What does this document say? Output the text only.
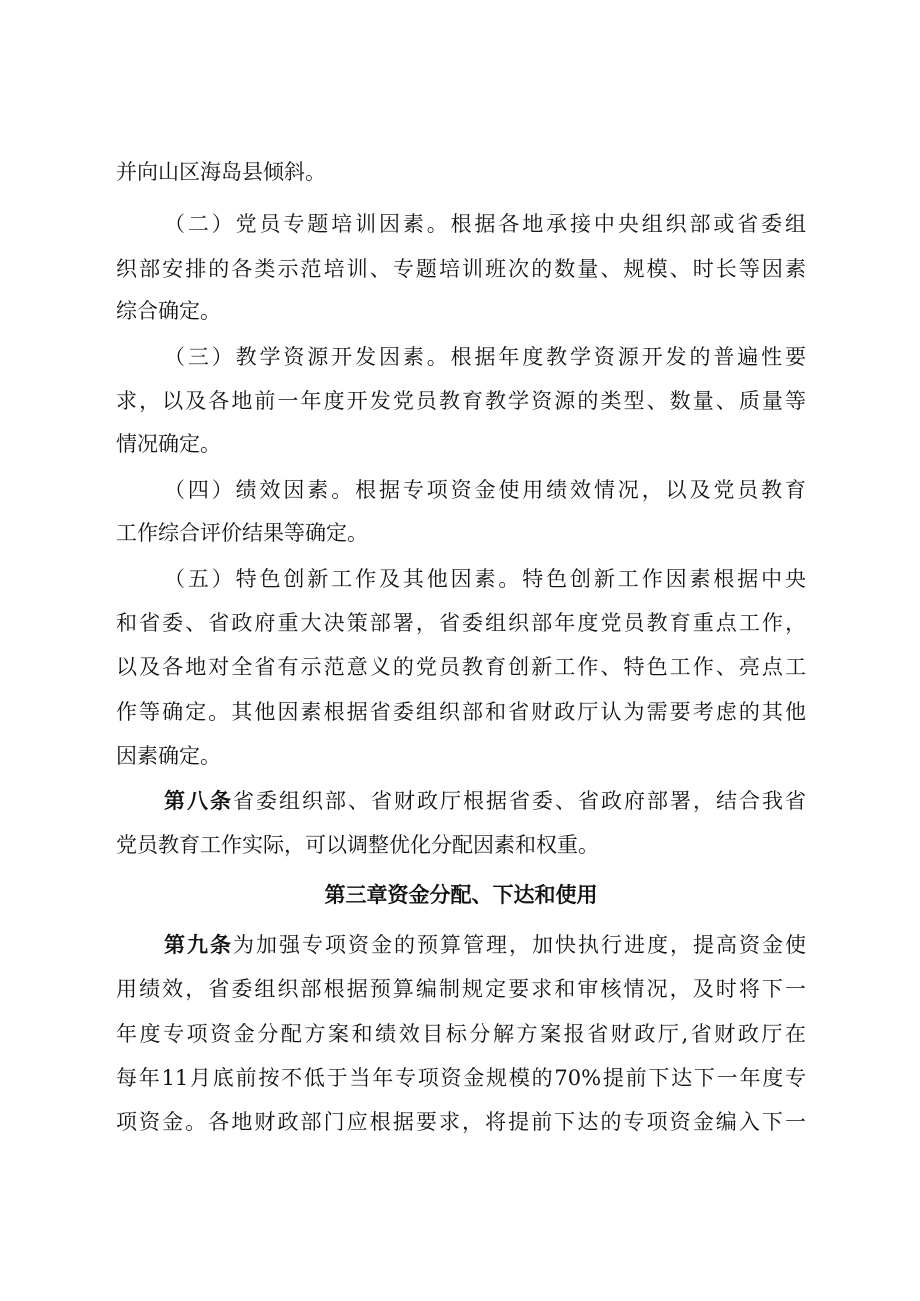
并向山区海岛县倾斜。
（二）党员专题培训因素。根据各地承接中央组织部或省委组
织部安排的各类示范培训、专题培训班次的数量、规模、时长等因素
综合确定。
（三）教学资源开发因素。根据年度教学资源开发的普遍性要
求，以及各地前一年度开发党员教育教学资源的类型、数量、质量等
情况确定。
（四）绩效因素。根据专项资金使用绩效情况，以及党员教育
工作综合评价结果等确定。
（五）特色创新工作及其他因素。特色创新工作因素根据中央
和省委、省政府重大决策部署，省委组织部年度党员教育重点工作，
以及各地对全省有示范意义的党员教育创新工作、特色工作、亮点工
作等确定。其他因素根据省委组织部和省财政厅认为需要考虑的其他
因素确定。
第八条省委组织部、省财政厅根据省委、省政府部署，结合我省
党员教育工作实际，可以调整优化分配因素和权重。
第三章资金分配、下达和使用
第九条为加强专项资金的预算管理，加快执行进度，提高资金使
用绩效，省委组织部根据预算编制规定要求和审核情况，及时将下一
年度专项资金分配方案和绩效目标分解方案报省财政厅,省财政厅在
每年11月底前按不低于当年专项资金规模的70%提前下达下一年度专
项资金。各地财政部门应根据要求，将提前下达的专项资金编入下一
